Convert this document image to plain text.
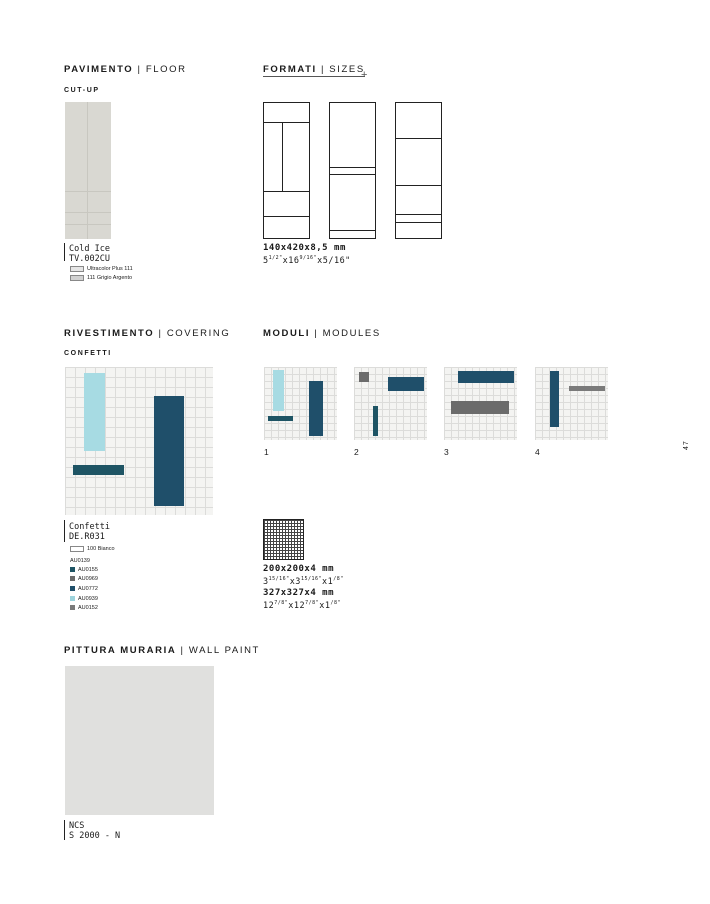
PAVIMENTO | FLOOR
CUT-UP
Cold Ice
TV.002CU
Ultracolor Plus 111
111 Grigio Argento
FORMATI | SIZES
+
140x420x8,5 mm
$5^{1/2"}x16^{9/16"}x5/16$"
RIVESTIMENTO | COVERING
CONFETTI
Confetti
DE.R031
100 Bianco
AU0139
AU0155
AU0969
AU0772
AU0939
AU0152
MODULI | MODULES
1	2	3	4
200x200x4 mm
$3^{15/16"}x3^{15/16"}x1^{/8"}$
327x327x4 mm
$12^{7/8"}x12^{7/8"}x1^{/8"}$
PITTURA MURARIA | WALL PAINT
NCS
S 2000 - N
47
